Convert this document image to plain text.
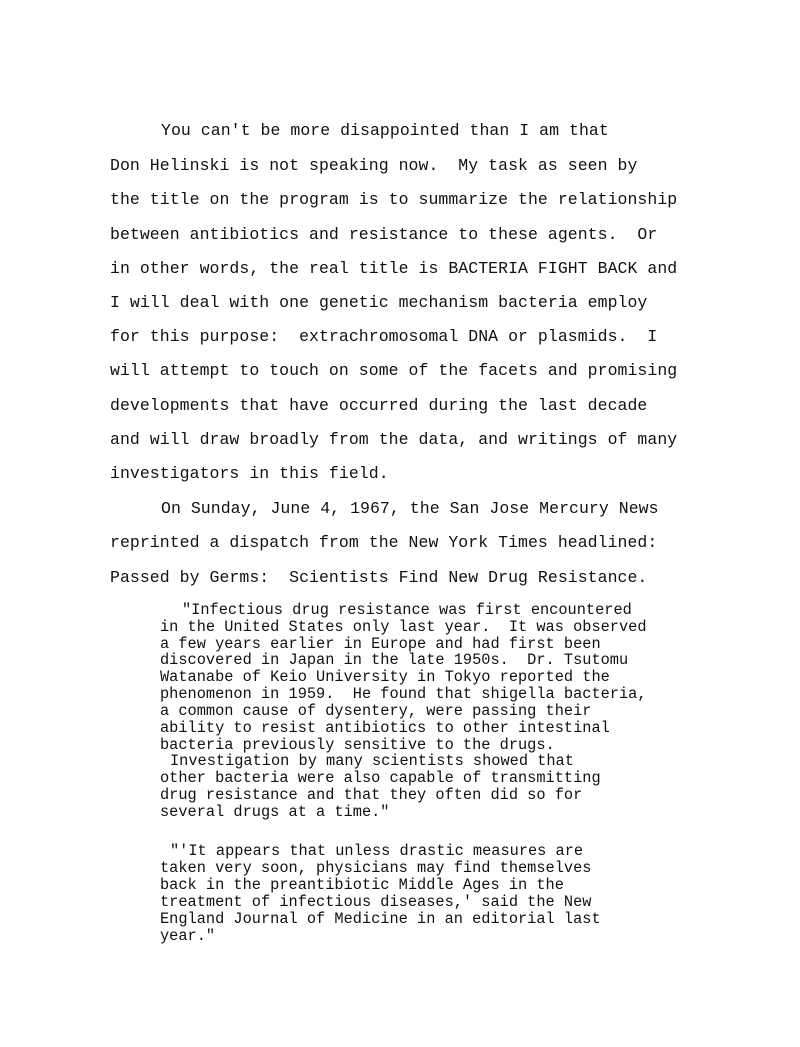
You can't be more disappointed than I am that
Don Helinski is not speaking now.  My task as seen by
the title on the program is to summarize the relationship
between antibiotics and resistance to these agents.  Or
in other words, the real title is BACTERIA FIGHT BACK and
I will deal with one genetic mechanism bacteria employ
for this purpose:  extrachromosomal DNA or plasmids.  I
will attempt to touch on some of the facets and promising
developments that have occurred during the last decade
and will draw broadly from the data, and writings of many
investigators in this field.
On Sunday, June 4, 1967, the San Jose Mercury News
reprinted a dispatch from the New York Times headlined:
Passed by Germs:  Scientists Find New Drug Resistance.
"Infectious drug resistance was first encountered
in the United States only last year.  It was observed
a few years earlier in Europe and had first been
discovered in Japan in the late 1950s.  Dr. Tsutomu
Watanabe of Keio University in Tokyo reported the
phenomenon in 1959.  He found that shigella bacteria,
a common cause of dysentery, were passing their
ability to resist antibiotics to other intestinal
bacteria previously sensitive to the drugs.
Investigation by many scientists showed that
other bacteria were also capable of transmitting
drug resistance and that they often did so for
several drugs at a time."
"'It appears that unless drastic measures are
taken very soon, physicians may find themselves
back in the preantibiotic Middle Ages in the
treatment of infectious diseases,' said the New
England Journal of Medicine in an editorial last
year."
